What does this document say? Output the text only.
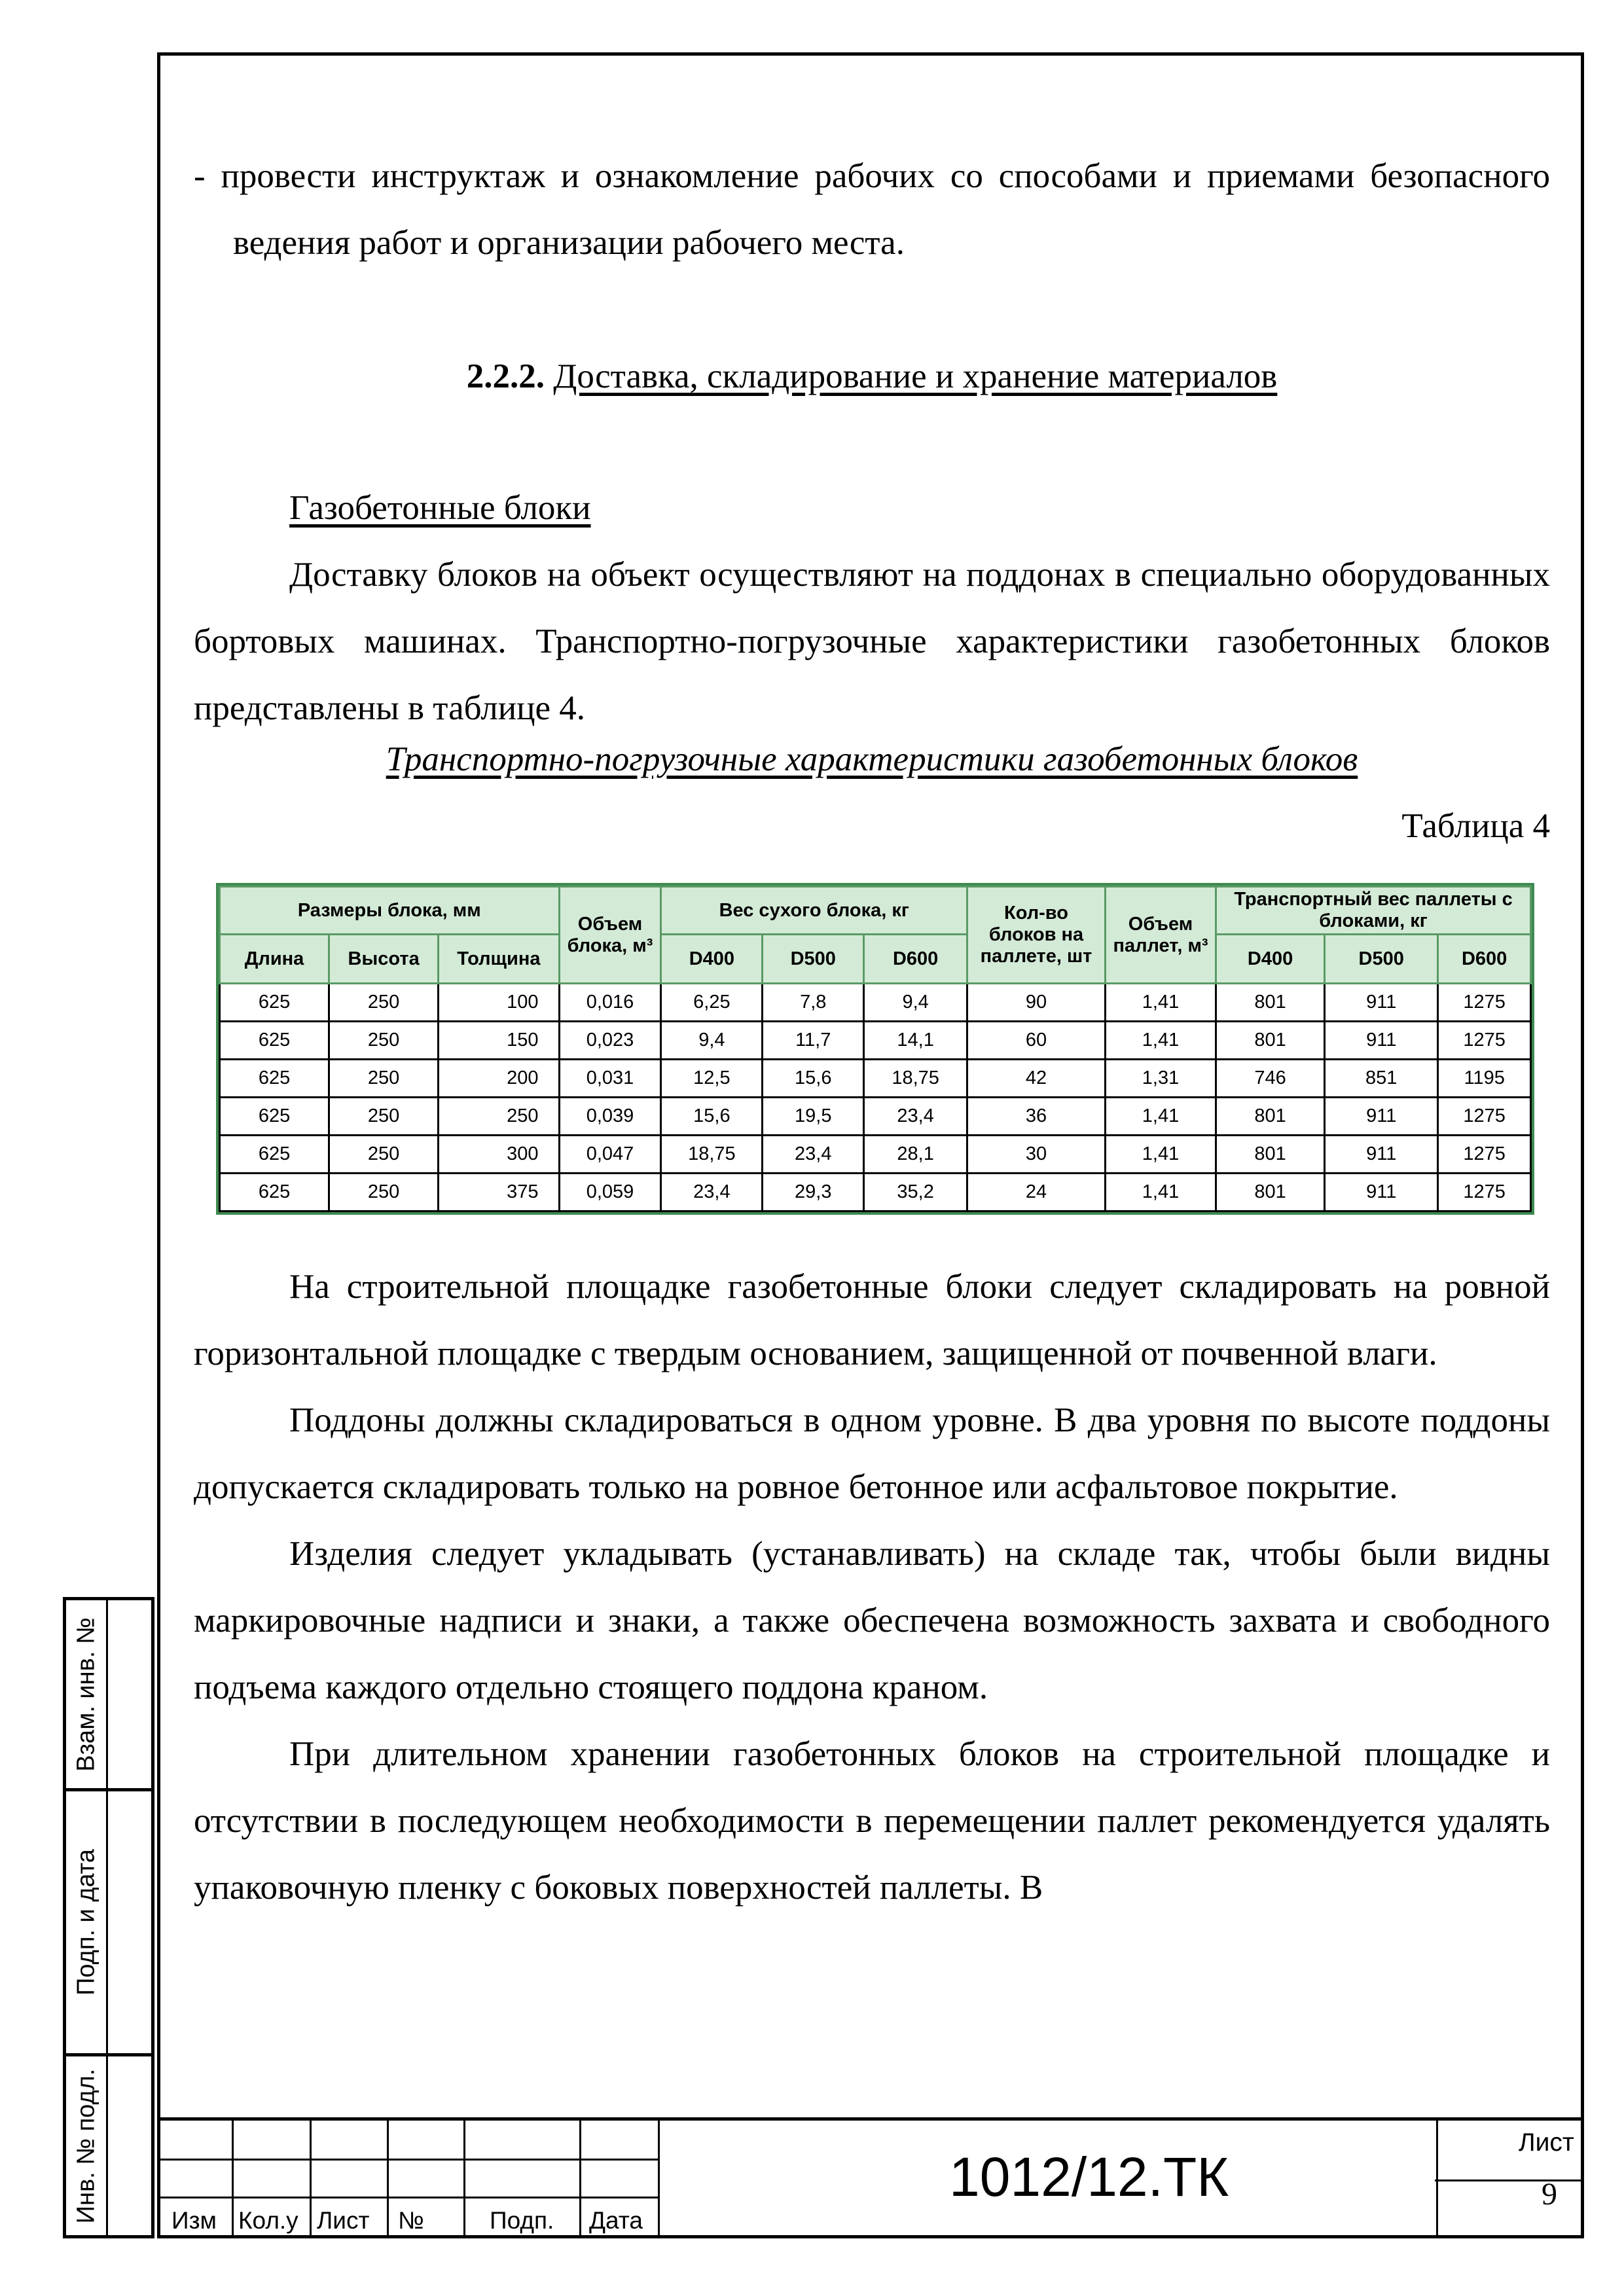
- провести инструктаж и ознакомление рабочих со способами и приемами безопасного ведения работ и организации рабочего места.

2.2.2. Доставка, складирование и хранение материалов

Газобетонные блоки

Доставку блоков на объект осуществляют на поддонах в специально оборудованных бортовых машинах. Транспортно-погрузочные характеристики газобетонных блоков представлены в таблице 4.

Транспортно-погрузочные характеристики газобетонных блоков
Таблица 4
Размеры блока, мм			Объем блока, м³	Вес сухого блока, кг			Кол-во блоков на паллете, шт	Объем паллет, м³	Транспортный вес паллеты с блоками, кг		
Длина	Высота	Толщина		D400	D500	D600			D400	D500	D600
625	250	100	0,016	6,25	7,8	9,4	90	1,41	801	911	1275
625	250	150	0,023	9,4	11,7	14,1	60	1,41	801	911	1275
625	250	200	0,031	12,5	15,6	18,75	42	1,31	746	851	1195
625	250	250	0,039	15,6	19,5	23,4	36	1,41	801	911	1275
625	250	300	0,047	18,75	23,4	28,1	30	1,41	801	911	1275
625	250	375	0,059	23,4	29,3	35,2	24	1,41	801	911	1275

На строительной площадке газобетонные блоки следует складировать на ровной горизонтальной площадке с твердым основанием, защищенной от почвенной влаги.

Поддоны должны складироваться в одном уровне. В два уровня по высоте поддоны допускается складировать только на ровное бетонное или асфальтовое покрытие.

Изделия следует укладывать (устанавливать) на складе так, чтобы были видны маркировочные надписи и знаки, а также обеспечена возможность захвата и свободного подъема каждого отдельно стоящего поддона краном.

При длительном хранении газобетонных блоков на строительной площадке и отсутствии в последующем необходимости в перемещении паллет рекомендуется удалять упаковочную пленку с боковых поверхностей паллеты. В

Взам. инв. №
Подп. и дата
Инв. № подл.	Изм Кол.у Лист №	Подп. Дата
1012/12.ТК
Лист
9
